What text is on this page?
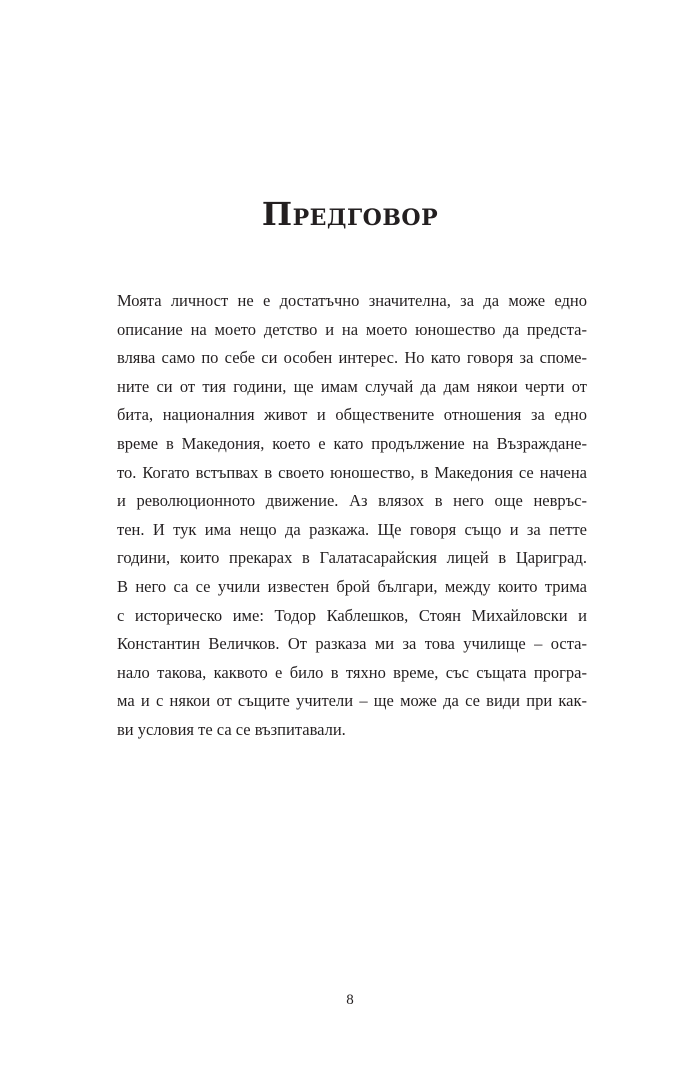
Предговор
Моята личност не е достатъчно значителна, за да може едно
описание на моето детство и на моето юношество да предста-
влява само по себе си особен интерес. Но като говоря за споме-
ните си от тия години, ще имам случай да дам някои черти от
бита, националния живот и обществените отношения за едно
време в Македония, което е като продължение на Възраждане-
то. Когато встъпвах в своето юношество, в Македония се начена
и революционното движение. Аз влязох в него още невръс-
тен. И тук има нещо да разкажа. Ще говоря също и за петте
години, които прекарах в Галатасарайския лицей в Цариград.
В него са се учили известен брой българи, между които трима
с историческо име: Тодор Каблешков, Стоян Михайловски и
Константин Величков. От разказа ми за това училище – оста-
нало такова, каквото е било в тяхно време, със същата програ-
ма и с някои от същите учители – ще може да се види при как-
ви условия те са се възпитавали.
8
